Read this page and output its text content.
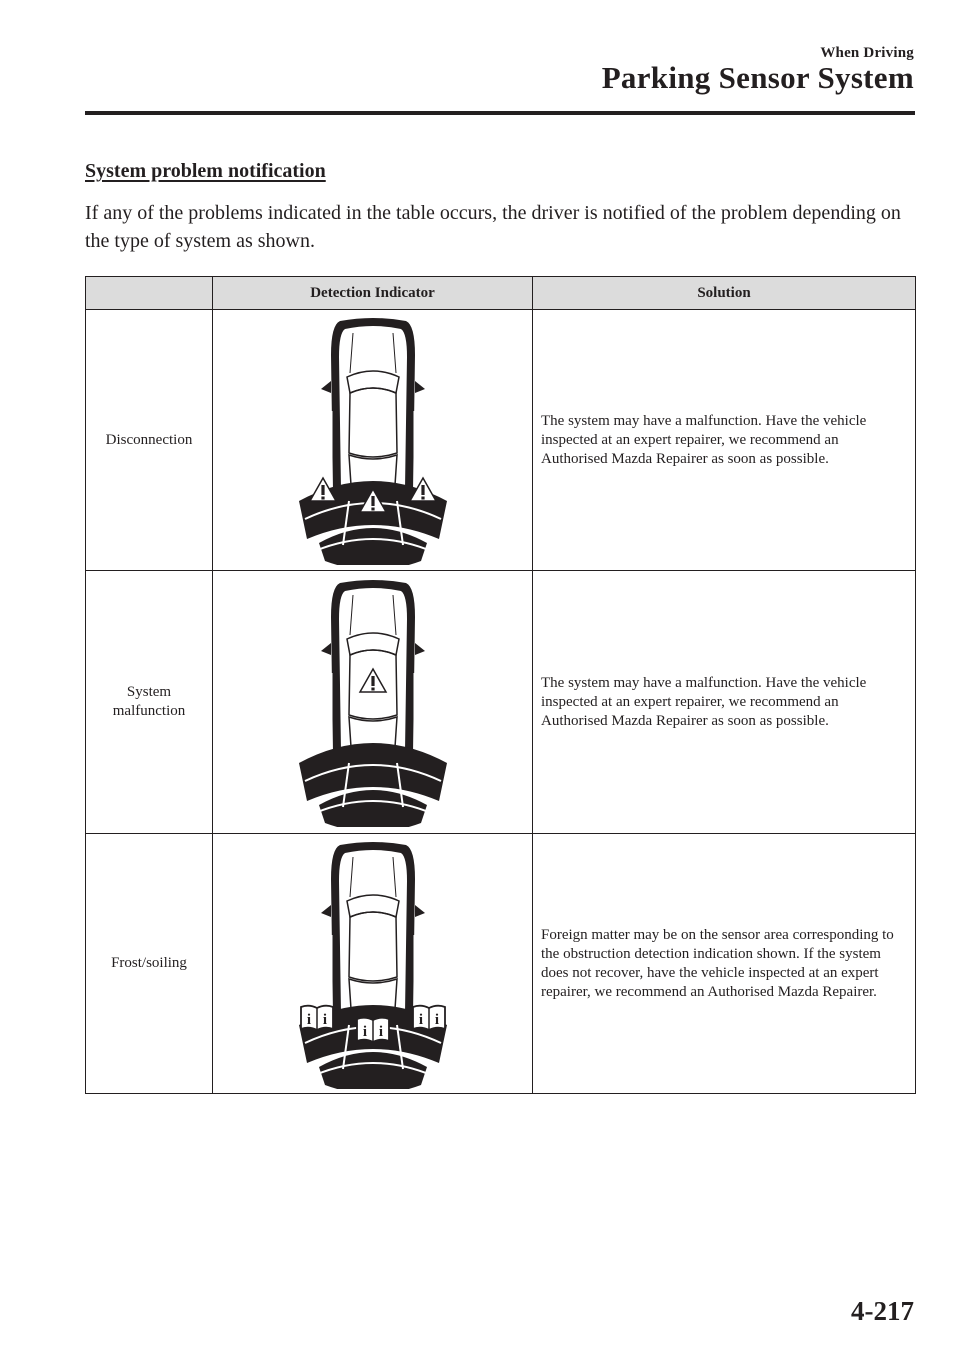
When Driving
Parking Sensor System
System problem notification

If any of the problems indicated in the table occurs, the driver is notified of the problem depending on the type of system as shown.

	Detection Indicator	Solution
Disconnection		The system may have a malfunction. Have the vehicle inspected at an expert repairer, we recommend an Authorised Mazda Repairer as soon as possible.
System malfunction		The system may have a malfunction. Have the vehicle inspected at an expert repairer, we recommend an Authorised Mazda Repairer as soon as possible.
Frost/soiling		Foreign matter may be on the sensor area corresponding to the obstruction detection indication shown. If the system does not recover, have the vehicle inspected at an expert repairer, we recommend an Authorised Mazda Repairer.
4-217
